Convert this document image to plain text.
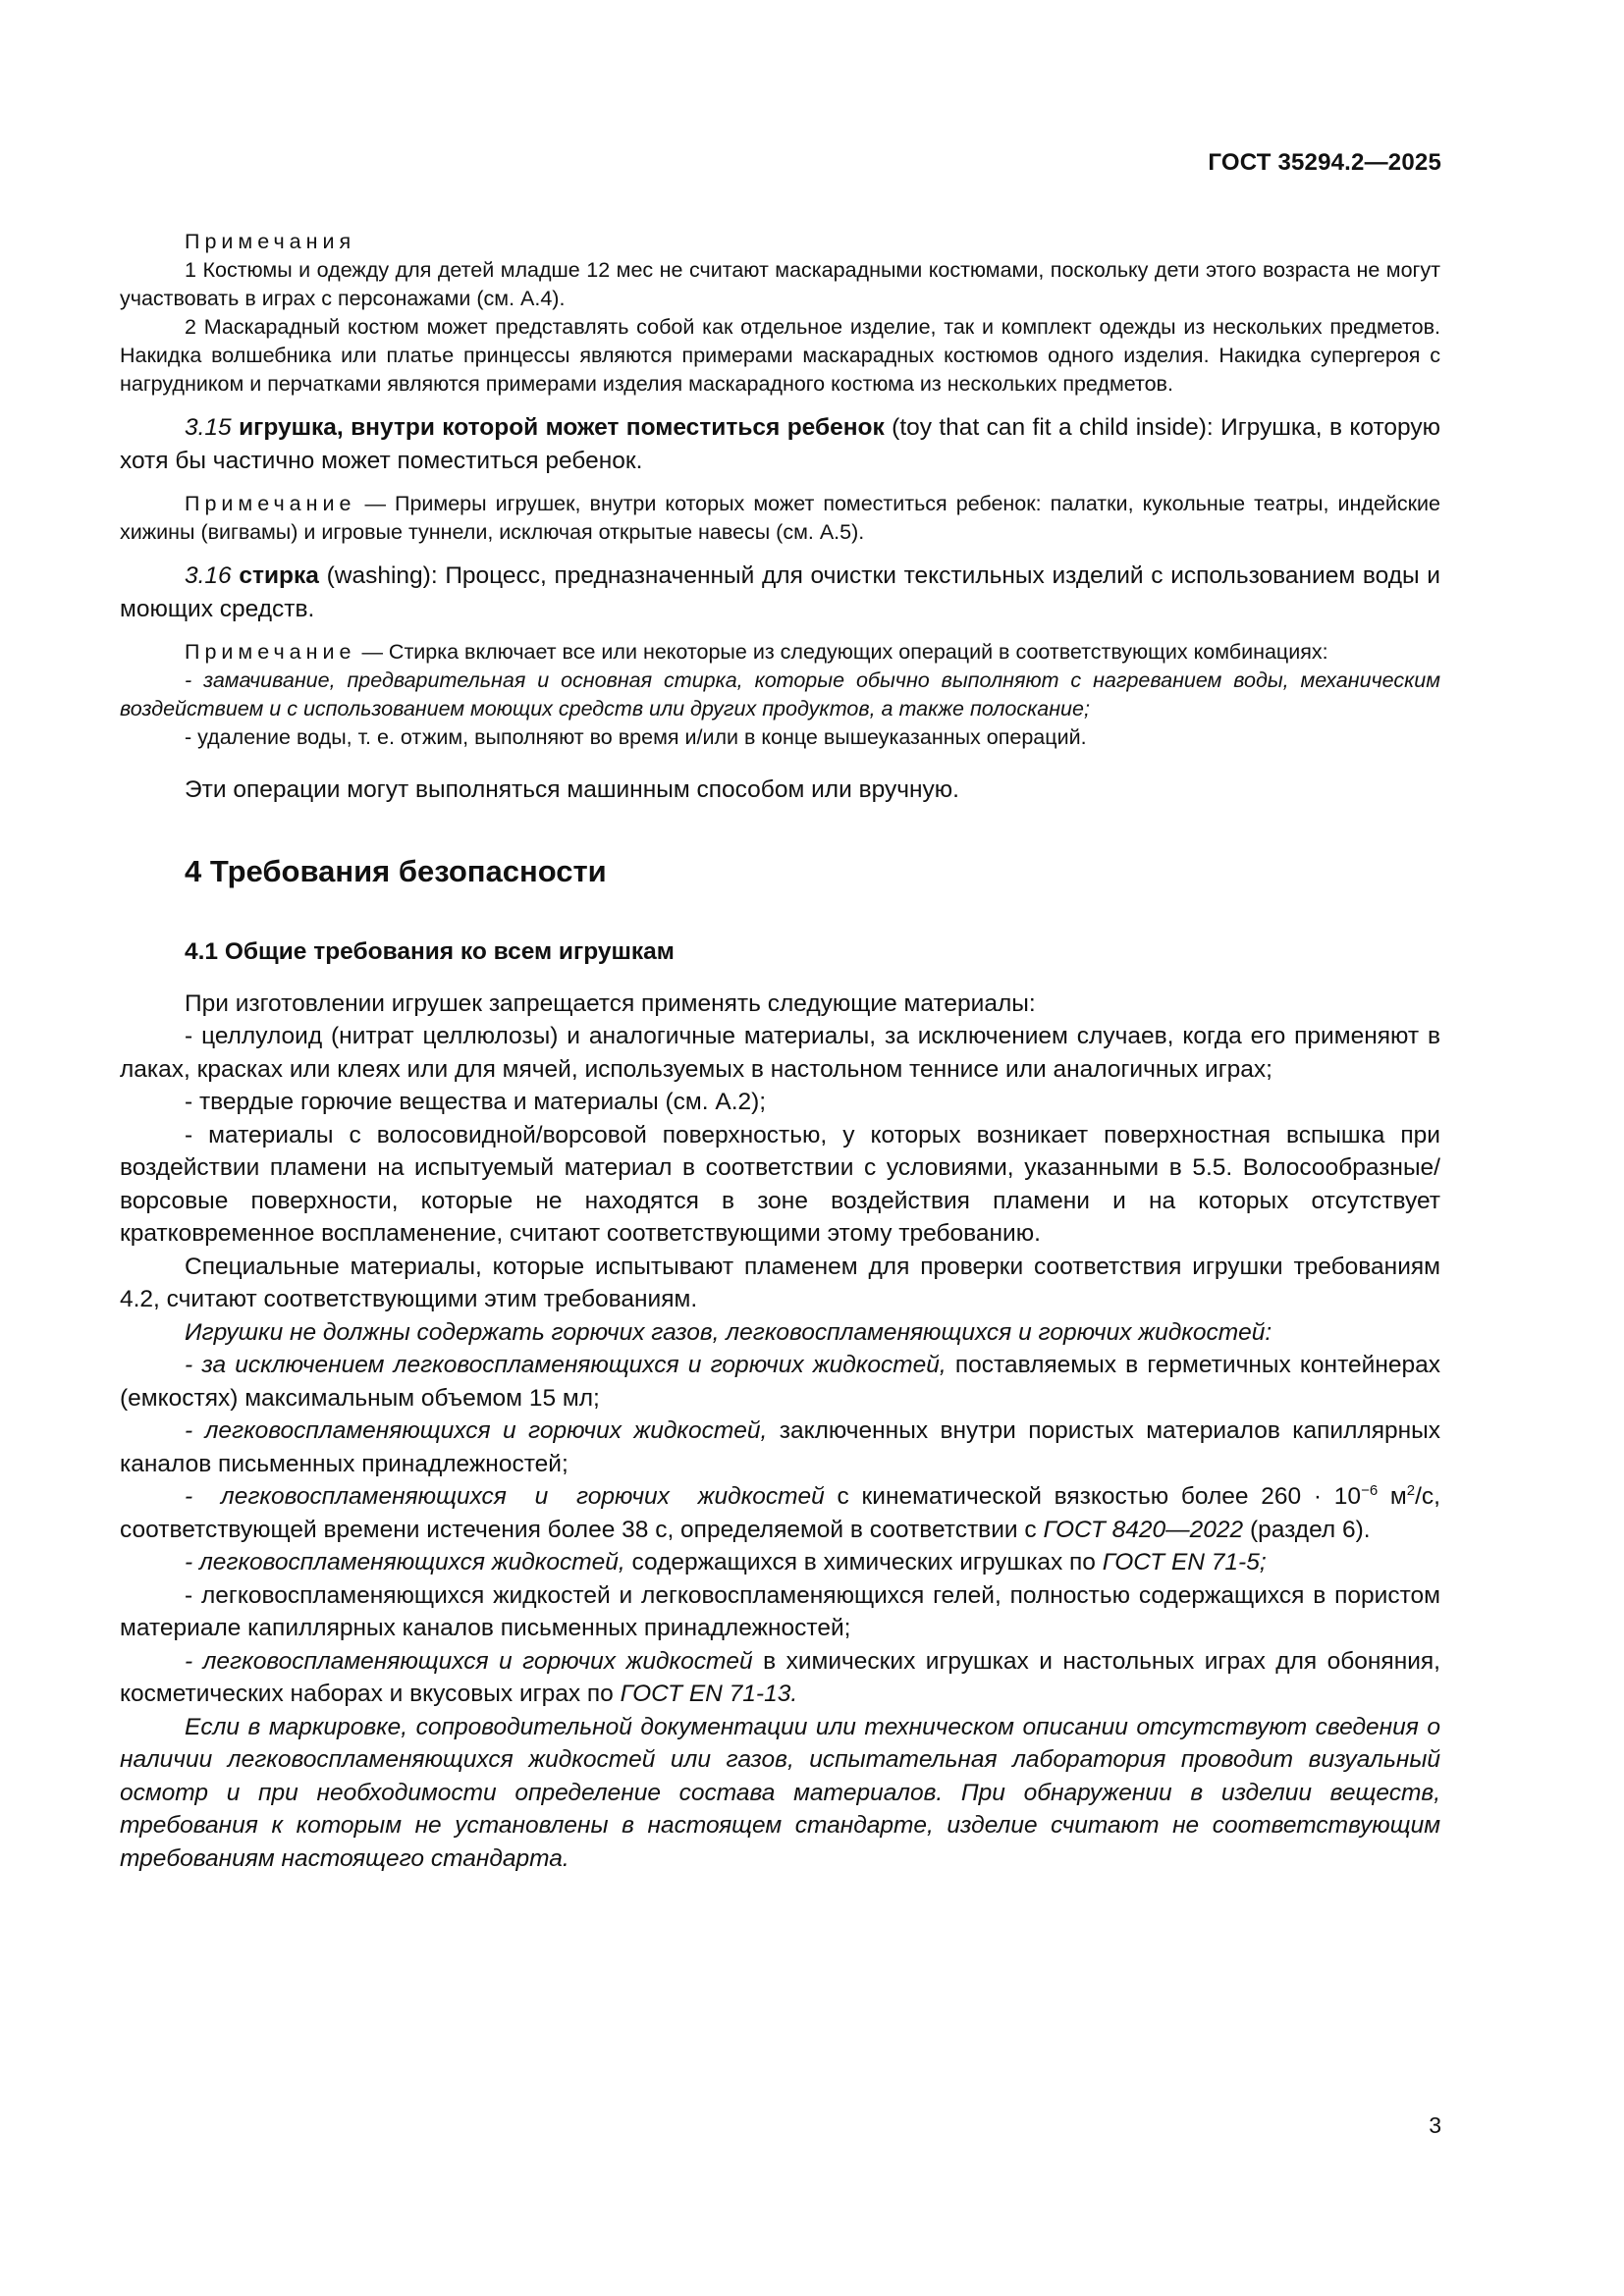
ГОСТ 35294.2—2025

Примечания

1 Костюмы и одежду для детей младше 12 мес не считают маскарадными костюмами, поскольку дети этого возраста не могут участвовать в играх с персонажами (см. А.4).

2 Маскарадный костюм может представлять собой как отдельное изделие, так и комплект одежды из нескольких предметов. Накидка волшебника или платье принцессы являются примерами маскарадных костюмов одного изделия. Накидка супергероя с нагрудником и перчатками являются примерами изделия маскарадного костюма из нескольких предметов.

3.15 игрушка, внутри которой может поместиться ребенок (toy that can fit a child inside): Игрушка, в которую хотя бы частично может поместиться ребенок.

Примечание — Примеры игрушек, внутри которых может поместиться ребенок: палатки, кукольные театры, индейские хижины (вигвамы) и игровые туннели, исключая открытые навесы (см. А.5).

3.16 стирка (washing): Процесс, предназначенный для очистки текстильных изделий с использованием воды и моющих средств.

Примечание — Стирка включает все или некоторые из следующих операций в соответствующих комбинациях:

- замачивание, предварительная и основная стирка, которые обычно выполняют с нагреванием воды, механическим воздействием и с использованием моющих средств или других продуктов, а также полоскание;

- удаление воды, т. е. отжим, выполняют во время и/или в конце вышеуказанных операций.

Эти операции могут выполняться машинным способом или вручную.

4 Требования безопасности
4.1 Общие требования ко всем игрушкам

При изготовлении игрушек запрещается применять следующие материалы:

- целлулоид (нитрат целлюлозы) и аналогичные материалы, за исключением случаев, когда его применяют в лаках, красках или клеях или для мячей, используемых в настольном теннисе или аналогичных играх;

- твердые горючие вещества и материалы (см. А.2);

- материалы с волосовидной/ворсовой поверхностью, у которых возникает поверхностная вспышка при воздействии пламени на испытуемый материал в соответствии с условиями, указанными в 5.5. Волосообразные/ворсовые поверхности, которые не находятся в зоне воздействия пламени и на которых отсутствует кратковременное воспламенение, считают соответствующими этому требованию.

Специальные материалы, которые испытывают пламенем для проверки соответствия игрушки требованиям 4.2, считают соответствующими этим требованиям.

Игрушки не должны содержать горючих газов, легковоспламеняющихся и горючих жидкостей:

- за исключением легковоспламеняющихся и горючих жидкостей, поставляемых в герметичных контейнерах (емкостях) максимальным объемом 15 мл;

- легковоспламеняющихся и горючих жидкостей, заключенных внутри пористых материалов капиллярных каналов письменных принадлежностей;

- легковоспламеняющихся и горючих жидкостей с кинематической вязкостью более $260 \cdot 10^{-6}$ $м^2/с$, соответствующей времени истечения более 38 с, определяемой в соответствии с ГОСТ 8420—2022 (раздел 6).

- легковоспламеняющихся жидкостей, содержащихся в химических игрушках по ГОСТ EN 71-5;

- легковоспламеняющихся жидкостей и легковоспламеняющихся гелей, полностью содержащихся в пористом материале капиллярных каналов письменных принадлежностей;

- легковоспламеняющихся и горючих жидкостей в химических игрушках и настольных играх для обоняния, косметических наборах и вкусовых играх по ГОСТ EN 71-13.

Если в маркировке, сопроводительной документации или техническом описании отсутствуют сведения о наличии легковоспламеняющихся жидкостей или газов, испытательная лаборатория проводит визуальный осмотр и при необходимости определение состава материалов. При обнаружении в изделии веществ, требования к которым не установлены в настоящем стандарте, изделие считают не соответствующим требованиям настоящего стандарта.

3
